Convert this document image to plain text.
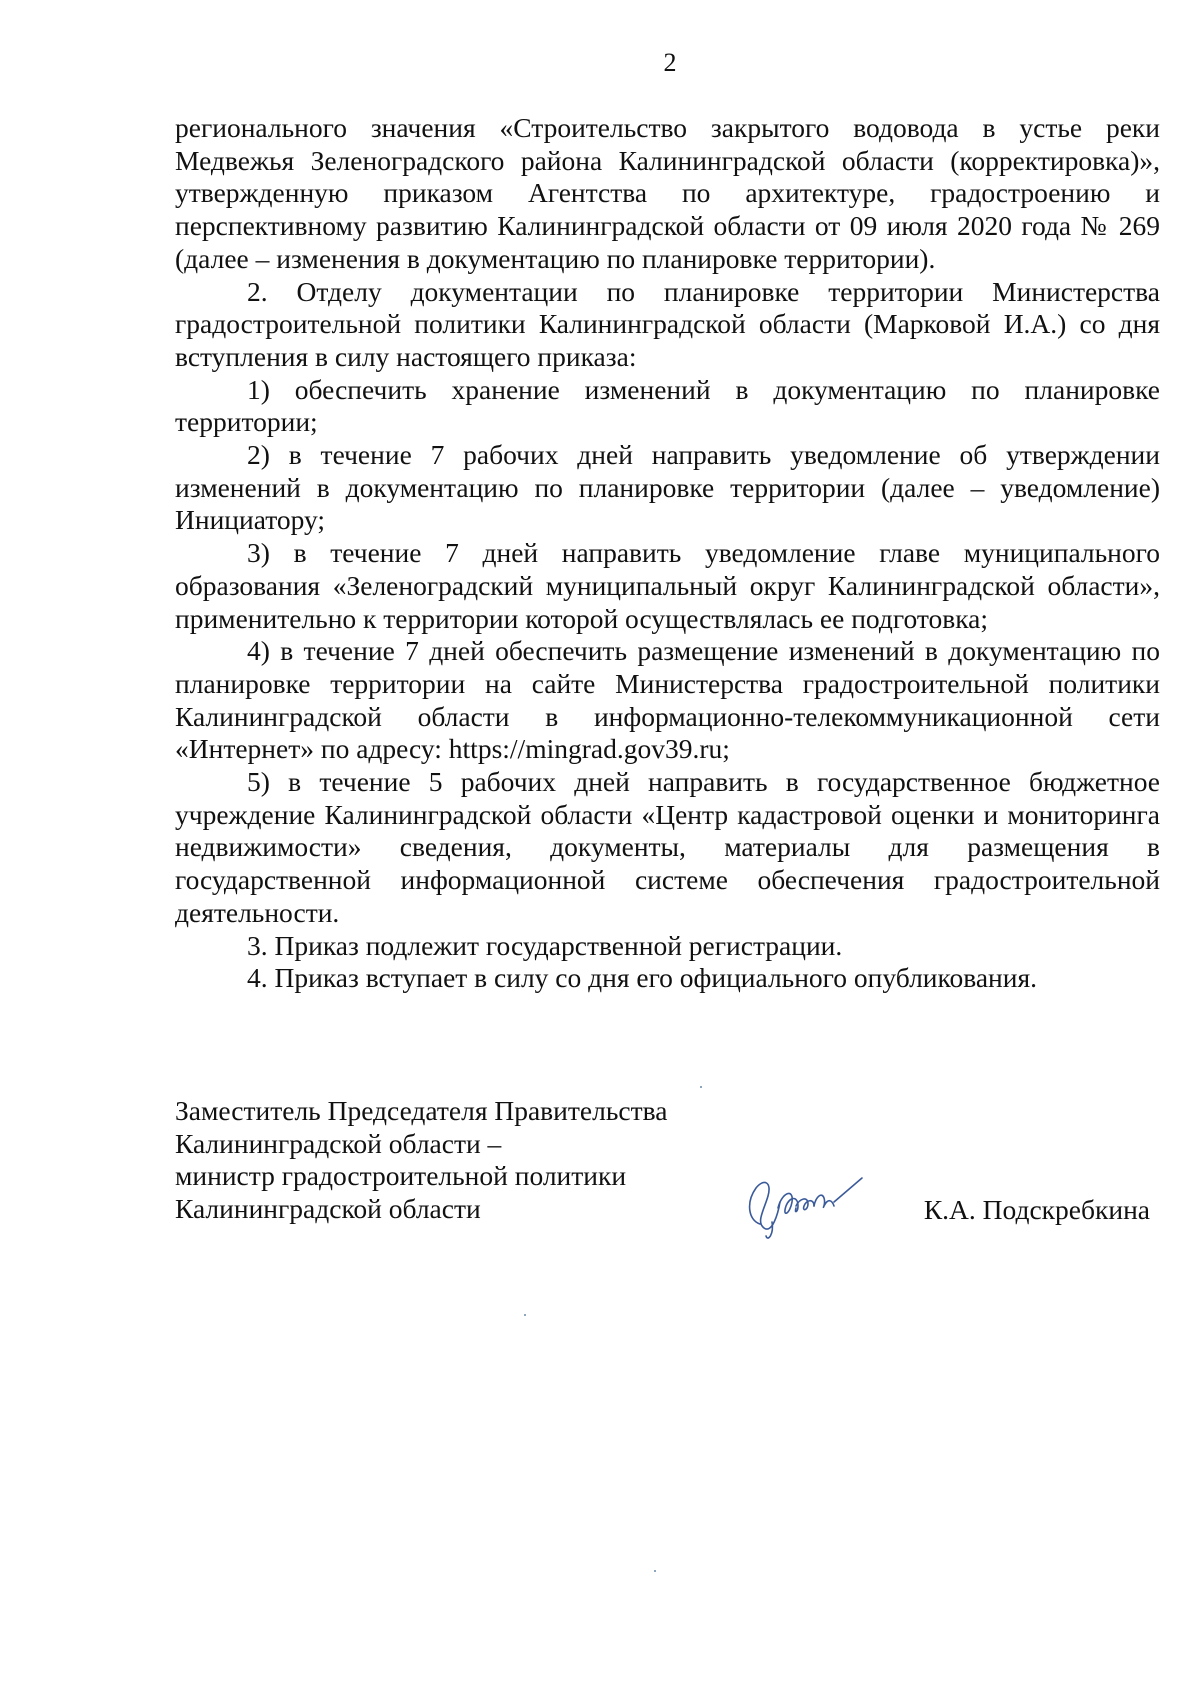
2

регионального значения «Строительство закрытого водовода в устье реки Медвежья Зеленоградского района Калининградской области (корректировка)», утвержденную приказом Агентства по архитектуре, градостроению и перспективному развитию Калининградской области от 09 июля 2020 года № 269 (далее – изменения в документацию по планировке территории).

2. Отделу документации по планировке территории Министерства градостроительной политики Калининградской области (Марковой И.А.) со дня вступления в силу настоящего приказа:

1) обеспечить хранение изменений в документацию по планировке территории;

2) в течение 7 рабочих дней направить уведомление об утверждении изменений в документацию по планировке территории (далее – уведомление) Инициатору;

3) в течение 7 дней направить уведомление главе муниципального образования «Зеленоградский муниципальный округ Калининградской области», применительно к территории которой осуществлялась ее подготовка;

4) в течение 7 дней обеспечить размещение изменений в документацию по планировке территории на сайте Министерства градостроительной политики Калининградской области в информационно-телекоммуникационной сети «Интернет» по адресу: https://mingrad.gov39.ru;

5) в течение 5 рабочих дней направить в государственное бюджетное учреждение Калининградской области «Центр кадастровой оценки и мониторинга недвижимости» сведения, документы, материалы для размещения в государственной информационной системе обеспечения градостроительной деятельности.

3. Приказ подлежит государственной регистрации.

4. Приказ вступает в силу со дня его официального опубликования.

Заместитель Председателя Правительства
Калининградской области –
министр градостроительной политики
Калининградской области	К.А. Подскребкина
